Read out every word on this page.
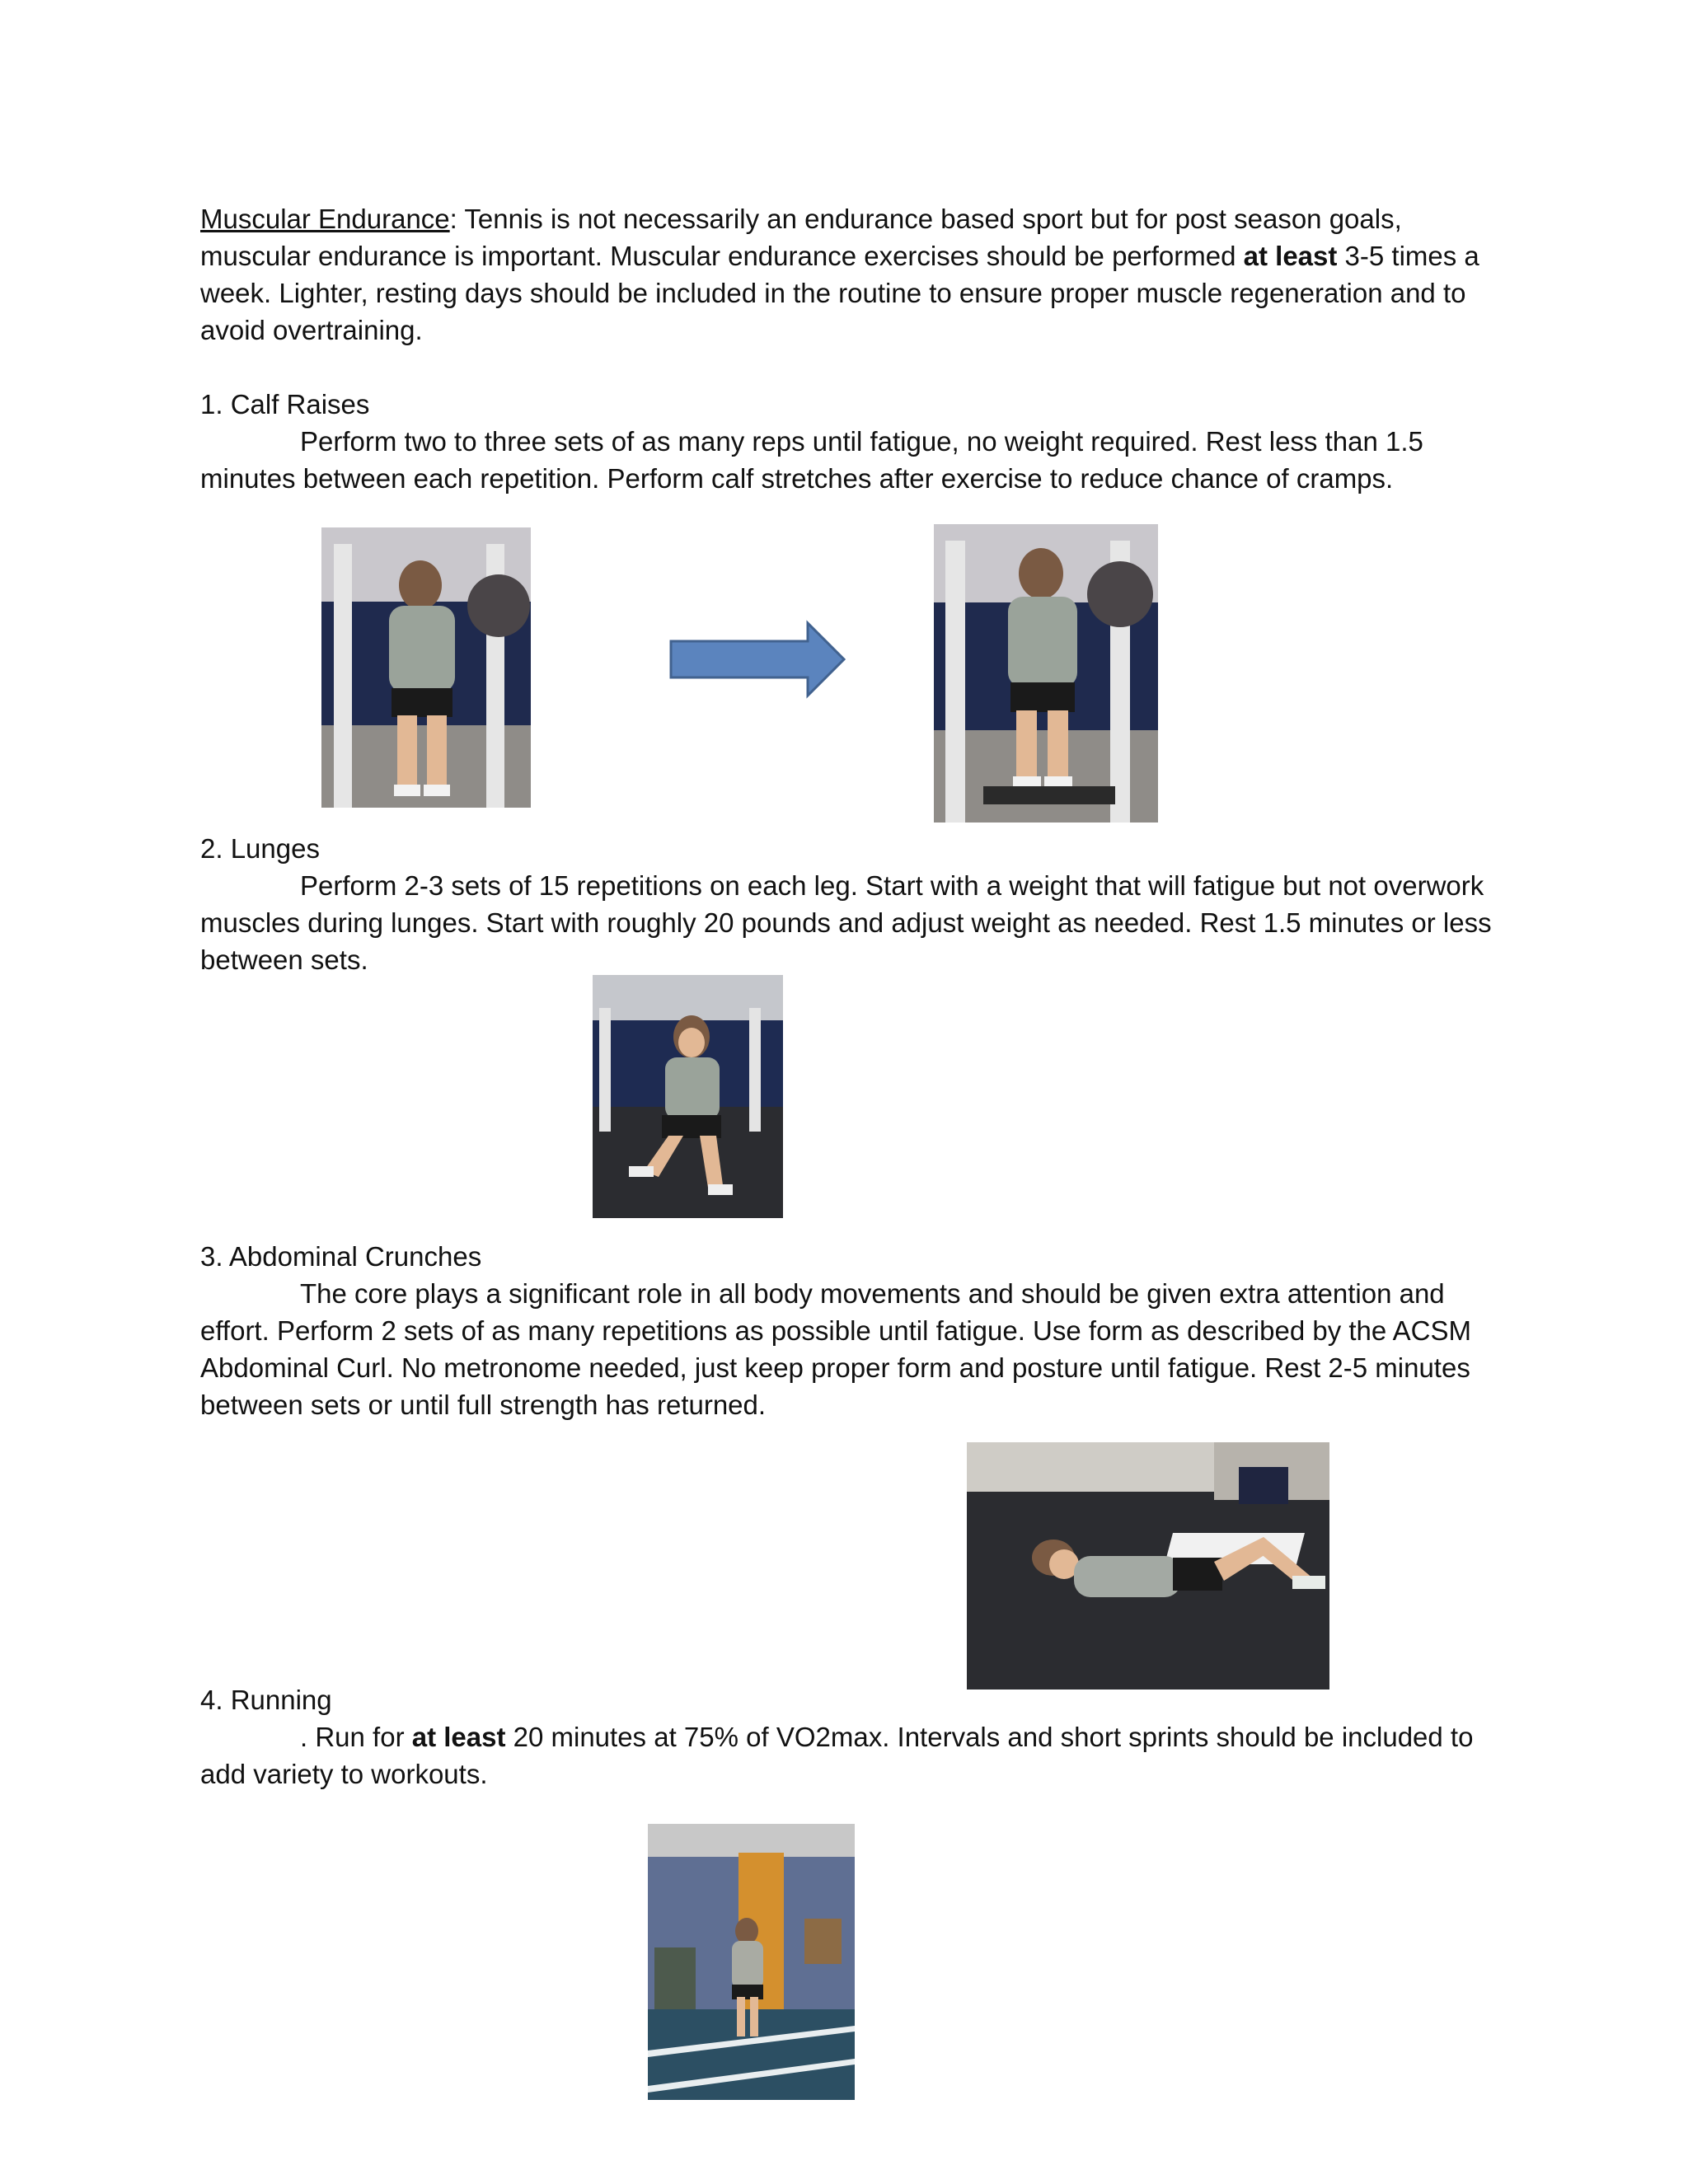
Muscular Endurance: Tennis is not necessarily an endurance based sport but for post season goals, muscular endurance is important. Muscular endurance exercises should be performed at least 3-5 times a week. Lighter, resting days should be included in the routine to ensure proper muscle regeneration and to avoid overtraining.

1. Calf Raises

Perform two to three sets of as many reps until fatigue, no weight required. Rest less than 1.5 minutes between each repetition. Perform calf stretches after exercise to reduce chance of cramps.

2. Lunges

Perform 2-3 sets of 15 repetitions on each leg. Start with a weight that will fatigue but not overwork muscles during lunges. Start with roughly 20 pounds and adjust weight as needed. Rest 1.5 minutes or less between sets.

3. Abdominal Crunches

The core plays a significant role in all body movements and should be given extra attention and effort. Perform 2 sets of as many repetitions as possible until fatigue. Use form as described by the ACSM Abdominal Curl. No metronome needed, just keep proper form and posture until fatigue. Rest 2-5 minutes between sets or until full strength has returned.

4. Running

. Run for at least 20 minutes at 75% of VO2max. Intervals and short sprints should be included to add variety to workouts.
